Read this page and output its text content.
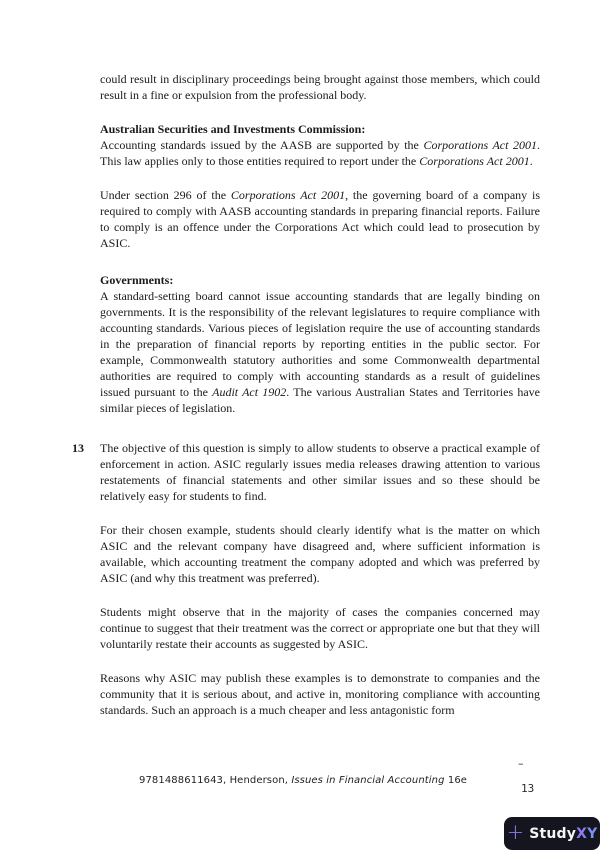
could result in disciplinary proceedings being brought against those members, which could result in a fine or expulsion from the professional body.

Australian Securities and Investments Commission:

Accounting standards issued by the AASB are supported by the Corporations Act 2001. This law applies only to those entities required to report under the Corporations Act 2001.

Under section 296 of the Corporations Act 2001, the governing board of a company is required to comply with AASB accounting standards in preparing financial reports. Failure to comply is an offence under the Corporations Act which could lead to prosecution by ASIC.

Governments:

A standard-setting board cannot issue accounting standards that are legally binding on governments. It is the responsibility of the relevant legislatures to require compliance with accounting standards. Various pieces of legislation require the use of accounting standards in the preparation of financial reports by reporting entities in the public sector. For example, Commonwealth statutory authorities and some Commonwealth departmental authorities are required to comply with accounting standards as a result of guidelines issued pursuant to the Audit Act 1902. The various Australian States and Territories have similar pieces of legislation.

13 The objective of this question is simply to allow students to observe a practical example of enforcement in action. ASIC regularly issues media releases drawing attention to various restatements of financial statements and other similar issues and so these should be relatively easy for students to find.

For their chosen example, students should clearly identify what is the matter on which ASIC and the relevant company have disagreed and, where sufficient information is available, which accounting treatment the company adopted and which was preferred by ASIC (and why this treatment was preferred).

Students might observe that in the majority of cases the companies concerned may continue to suggest that their treatment was the correct or appropriate one but that they will voluntarily restate their accounts as suggested by ASIC.

Reasons why ASIC may publish these examples is to demonstrate to companies and the community that it is serious about, and active in, monitoring compliance with accounting standards. Such an approach is a much cheaper and less antagonistic form

9781488611643, Henderson, Issues in Financial Accounting 16e
–
13
+ StudyXY
